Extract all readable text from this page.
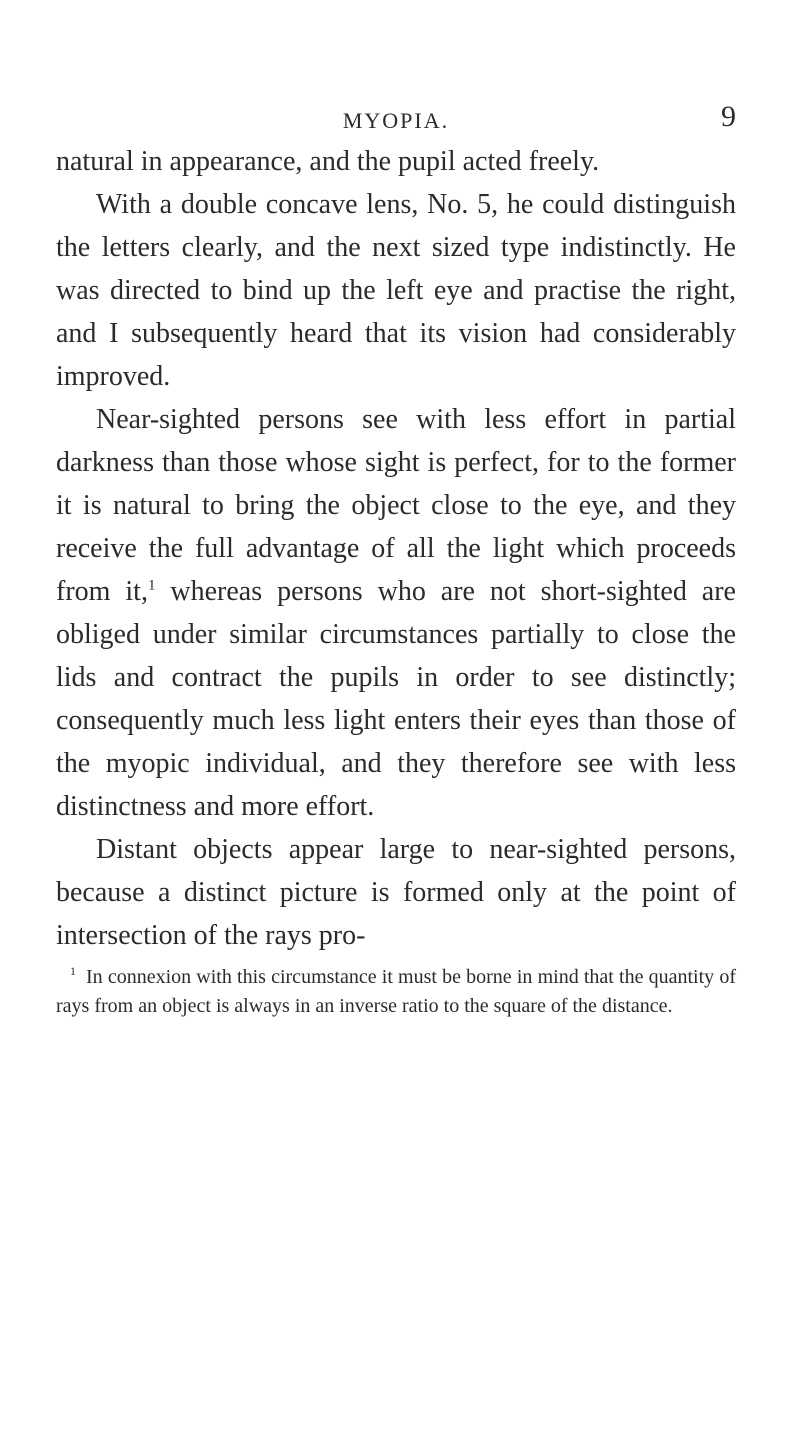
MYOPIA.	9

natural in appearance, and the pupil acted freely.

With a double concave lens, No. 5, he could distinguish the letters clearly, and the next sized type indistinctly. He was directed to bind up the left eye and practise the right, and I subsequently heard that its vision had considerably improved.

Near-sighted persons see with less effort in partial darkness than those whose sight is perfect, for to the former it is natural to bring the object close to the eye, and they receive the full advantage of all the light which proceeds from it,$^1$ whereas persons who are not short-sighted are obliged under similar circumstances partially to close the lids and contract the pupils in order to see distinctly; consequently much less light enters their eyes than those of the myopic individual, and they therefore see with less distinctness and more effort.

Distant objects appear large to near-sighted persons, because a distinct picture is formed only at the point of intersection of the rays pro-

$^1$ In connexion with this circumstance it must be borne in mind that the quantity of rays from an object is always in an inverse ratio to the square of the distance.
